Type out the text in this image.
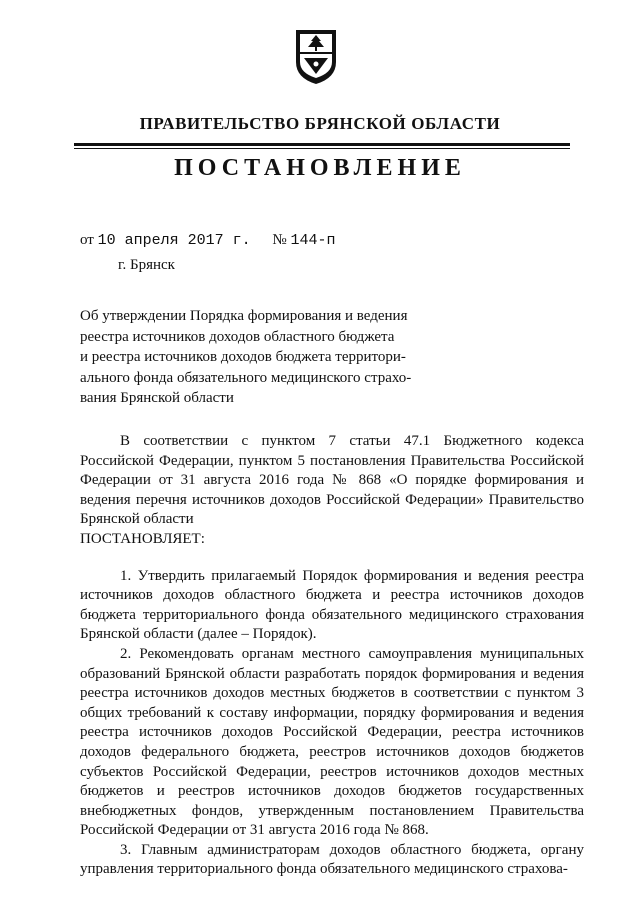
ПРАВИТЕЛЬСТВО БРЯНСКОЙ ОБЛАСТИ
ПОСТАНОВЛЕНИЕ
от 10 апреля 2017 г. № 144-п
г. Брянск
Об утверждении Порядка формирования и ведения
реестра источников доходов областного бюджета
и реестра источников доходов бюджета территори-
ального фонда обязательного медицинского страхо-
вания Брянской области

В соответствии с пунктом 7 статьи 47.1 Бюджетного кодекса Российской Федерации, пунктом 5 постановления Правительства Российской Федерации от 31 августа 2016 года № 868 «О порядке формирования и ведения перечня источников доходов Российской Федерации» Правительство Брянской области

ПОСТАНОВЛЯЕТ:

1. Утвердить прилагаемый Порядок формирования и ведения реестра источников доходов областного бюджета и реестра источников доходов бюджета территориального фонда обязательного медицинского страхования Брянской области (далее – Порядок).

2. Рекомендовать органам местного самоуправления муниципальных образований Брянской области разработать порядок формирования и ведения реестра источников доходов местных бюджетов в соответствии с пунктом 3 общих требований к составу информации, порядку формирования и ведения реестра источников доходов Российской Федерации, реестра источников доходов федерального бюджета, реестров источников доходов бюджетов субъектов Российской Федерации, реестров источников доходов местных бюджетов и реестров источников доходов бюджетов государственных внебюджетных фондов, утвержденным постановлением Правительства Российской Федерации от 31 августа 2016 года № 868.

3. Главным администраторам доходов областного бюджета, органу управления территориального фонда обязательного медицинского страхова-
